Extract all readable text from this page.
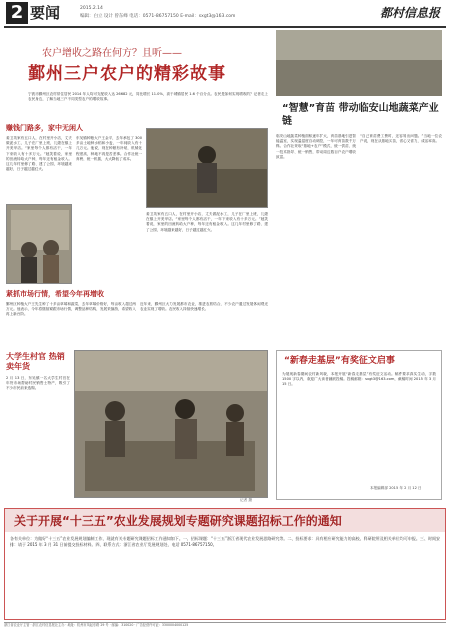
2 要闻	2015.2.14
编辑：白立 设计 曾东峰 电话：0571-86757150 E-mail：sxgt3@163.com	都村信息报
农户增收之路在何方？且听——
鄞州三户农户的精彩故事
宁波市鄞州区农村常住居民 2014 年人均可支配收入达 26682 元，同比增长 11.0%，高于城镇居民 1.6 个百分点。农民是如何实现增收的？记者走上农民身边，了解当地三户不同类型农户的增收故事。
赚钱门路多，家中无闲人
姜卫英家有五口人，在村里开小店，丈夫做泥水工，儿子在厂里上班，儿媳在镇上开美甲店。“家里每个人都有活干，一年下来收入有十多万元。”她笑着说，家里的田流转给大户种，每年还有租金收入。这几年村里修了路、建了公园，环境越来越好，日子越过越红火。
东吴镇种粮大户王金平，去年承包了 300 多亩土地种水稻和小麦，一年纯收入有十几万元。他说，现在种粮有补贴，机械化程度高，种地不再是苦差事。合作社统一育秧、统一机插，大大降低了成本。
姜卫英家有五口人，在村里开小店，丈夫做泥水工，儿子在厂里上班，儿媳在镇上开美甲店。“家里每个人都有活干，一年下来收入有十多万元。”她笑着说，家里的田流转给大户种，每年还有租金收入。这几年村里修了路、建了公园，环境越来越好，日子越过越红火。
紧抓市场行情，希望今年再增收
鄞州区种植大户王先生种了十多亩草莓和蔬菜，去年草莓价格好，每亩收入超过两万元。他表示，今年将继续紧跟市场行情，调整品种结构，发展采摘游，希望收入再上新台阶。
近年来，鄞州区大力发展都市农业，推进农旅结合，不少农户通过发展休闲观光农业实现了增收。农民收入持续快速增长。
大学生村官 热销卖年货
2 月 13 日，东吴镇一名大学生村官在年货市场帮助村民销售土特产，吸引了不少市民前来选购。
记者 摄
“智慧”育苗 带动临安山地蔬菜产业链
临安山地蔬菜种植面积逐年扩大，育苗基地引进智能温室，实现温湿度自动调控，一年可育苗数千万株。合作社采取“基地+农户”模式，统一供苗、统一技术指导、统一销售，带动周边数百户农户增收致富。
“自己育苗费工费时，还容易出问题。”当地一位农户说，现在从基地买苗，省心又省力，成活率高。
“新春走基层”有奖征文启事
为展现新春期间农村新风貌，本报开展“新春走基层”有奖征文活动。稿件要求真实生动，字数 1500 字以内，欢迎广大读者踊跃投稿。投稿邮箱：sxgt3@163.com，截稿时间 2015 年 3 月 15 日。
本报编辑部 2015 年 2 月 12 日
关于开展“十三五”农业发展规划专题研究课题招标工作的通知
各有关单位：为做好“十三五”农业发展规划编制工作，现就有关专题研究课题招标工作通知如下。一、招标课题：“十三五”浙江省现代农业发展思路研究等。二、投标要求：具有相应研究能力的高校、科研院所及相关单位均可申报。三、时间安排：请于 2015 年 3 月 31 日前提交投标材料。四、联系方式：浙江省农业厅发展规划处，电话 0571-86757150。
浙江省农业厅主管 · 浙江农村信息报社主办 · 地址：杭州市凤起东路 29 号 · 邮编：310020 · 广告经营许可证：3300004000125
